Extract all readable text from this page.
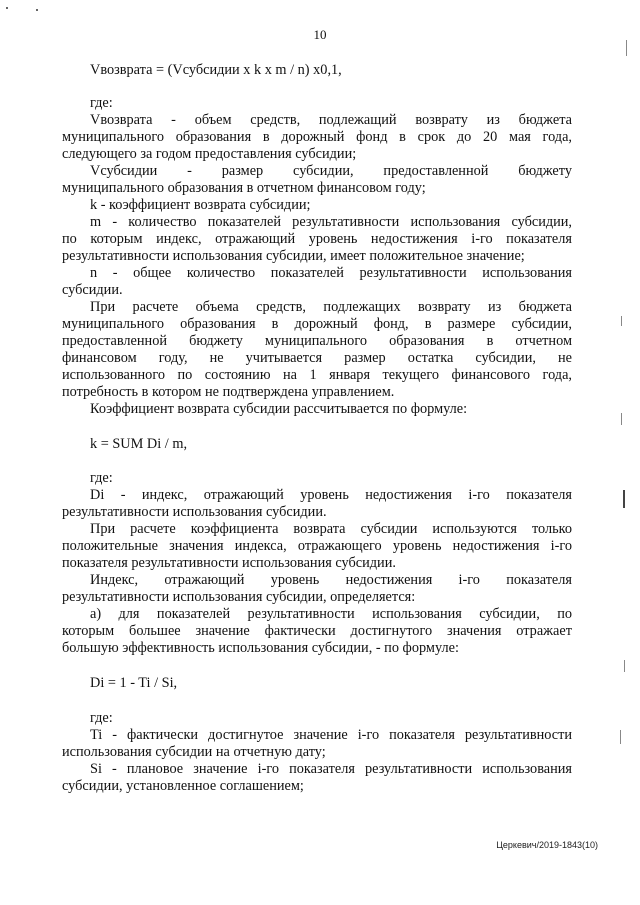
10

Vвозврата = (Vсубсидии x k x m / n) x0,1,

где:

Vвозврата - объем средств, подлежащий возврату из бюджета

муниципального образования в дорожный фонд в срок до 20 мая года,

следующего за годом предоставления субсидии;

Vсубсидии - размер субсидии, предоставленной бюджету

муниципального образования в отчетном финансовом году;

k - коэффициент возврата субсидии;

m - количество показателей результативности использования субсидии,

по которым индекс, отражающий уровень недостижения i-го показателя

результативности использования субсидии, имеет положительное значение;

n - общее количество показателей результативности использования

субсидии.

При расчете объема средств, подлежащих возврату из бюджета

муниципального образования в дорожный фонд, в размере субсидии,

предоставленной бюджету муниципального образования в отчетном

финансовом году, не учитывается размер остатка субсидии, не

использованного по состоянию на 1 января текущего финансового года,

потребность в котором не подтверждена управлением.

Коэффициент возврата субсидии рассчитывается по формуле:

k = SUM Di / m,

где:

Di - индекс, отражающий уровень недостижения i-го показателя

результативности использования субсидии.

При расчете коэффициента возврата субсидии используются только

положительные значения индекса, отражающего уровень недостижения i-го

показателя результативности использования субсидии.

Индекс, отражающий уровень недостижения i-го показателя

результативности использования субсидии, определяется:

а) для показателей результативности использования субсидии, по

которым большее значение фактически достигнутого значения отражает

большую эффективность использования субсидии, - по формуле:

Di = 1 - Ti / Si,

где:

Ti - фактически достигнутое значение i-го показателя результативности

использования субсидии на отчетную дату;

Si - плановое значение i-го показателя результативности использования

субсидии, установленное соглашением;

Церкевич/2019-1843(10)
